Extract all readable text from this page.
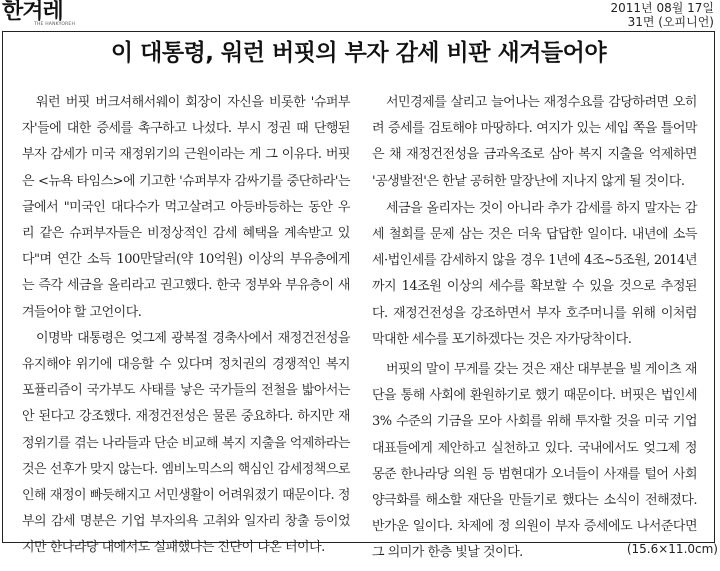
한겨레
THE HANKYOREH
2011년 08월 17일
31면 (오피니언)
이 대통령, 워런 버핏의 부자 감세 비판 새겨들어야

워런 버핏 버크셔해서웨이 회장이 자신을 비롯한 '슈퍼부자'들에 대한 증세를 촉구하고 나섰다. 부시 정권 때 단행된 부자 감세가 미국 재정위기의 근원이라는 게 그 이유다. 버핏은 <뉴욕 타임스>에 기고한 '슈퍼부자 감싸기를 중단하라'는 글에서 "미국인 대다수가 먹고살려고 아등바등하는 동안 우리 같은 슈퍼부자들은 비정상적인 감세 혜택을 계속받고 있다"며 연간 소득 100만달러(약 10억원) 이상의 부유층에게는 즉각 세금을 올리라고 권고했다. 한국 정부와 부유층이 새겨들어야 할 고언이다.

이명박 대통령은 엊그제 광복절 경축사에서 재정건전성을 유지해야 위기에 대응할 수 있다며 정치권의 경쟁적인 복지 포퓰리즘이 국가부도 사태를 낳은 국가들의 전철을 밟아서는 안 된다고 강조했다. 재정건전성은 물론 중요하다. 하지만 재정위기를 겪는 나라들과 단순 비교해 복지 지출을 억제하라는 것은 선후가 맞지 않는다. 엠비노믹스의 핵심인 감세정책으로 인해 재정이 빠듯해지고 서민생활이 어려워졌기 때문이다. 정부의 감세 명분은 기업 부자의욕 고취와 일자리 창출 등이었지만 한나라당 내에서도 실패했다는 진단이 나온 터이다.

서민경제를 살리고 늘어나는 재정수요를 감당하려면 오히려 증세를 검토해야 마땅하다. 여지가 있는 세입 쪽을 틀어막은 채 재정건전성을 금과옥조로 삼아 복지 지출을 억제하면 '공생발전'은 한낱 공허한 말장난에 지나지 않게 될 것이다.

세금을 올리자는 것이 아니라 추가 감세를 하지 말자는 감세 철회를 문제 삼는 것은 더욱 답답한 일이다. 내년에 소득세·법인세를 감세하지 않을 경우 1년에 4조~5조원, 2014년까지 14조원 이상의 세수를 확보할 수 있을 것으로 추정된다. 재정건전성을 강조하면서 부자 호주머니를 위해 이처럼 막대한 세수를 포기하겠다는 것은 자가당착이다.

버핏의 말이 무게를 갖는 것은 재산 대부분을 빌 게이츠 재단을 통해 사회에 환원하기로 했기 때문이다. 버핏은 법인세 3% 수준의 기금을 모아 사회를 위해 투자할 것을 미국 기업 대표들에게 제안하고 실천하고 있다. 국내에서도 엊그제 정몽준 한나라당 의원 등 범현대가 오너들이 사재를 털어 사회 양극화를 해소할 재단을 만들기로 했다는 소식이 전해졌다. 반가운 일이다. 차제에 정 의원이 부자 증세에도 나서준다면 그 의미가 한층 빛날 것이다.	(15.6×11.0cm)
